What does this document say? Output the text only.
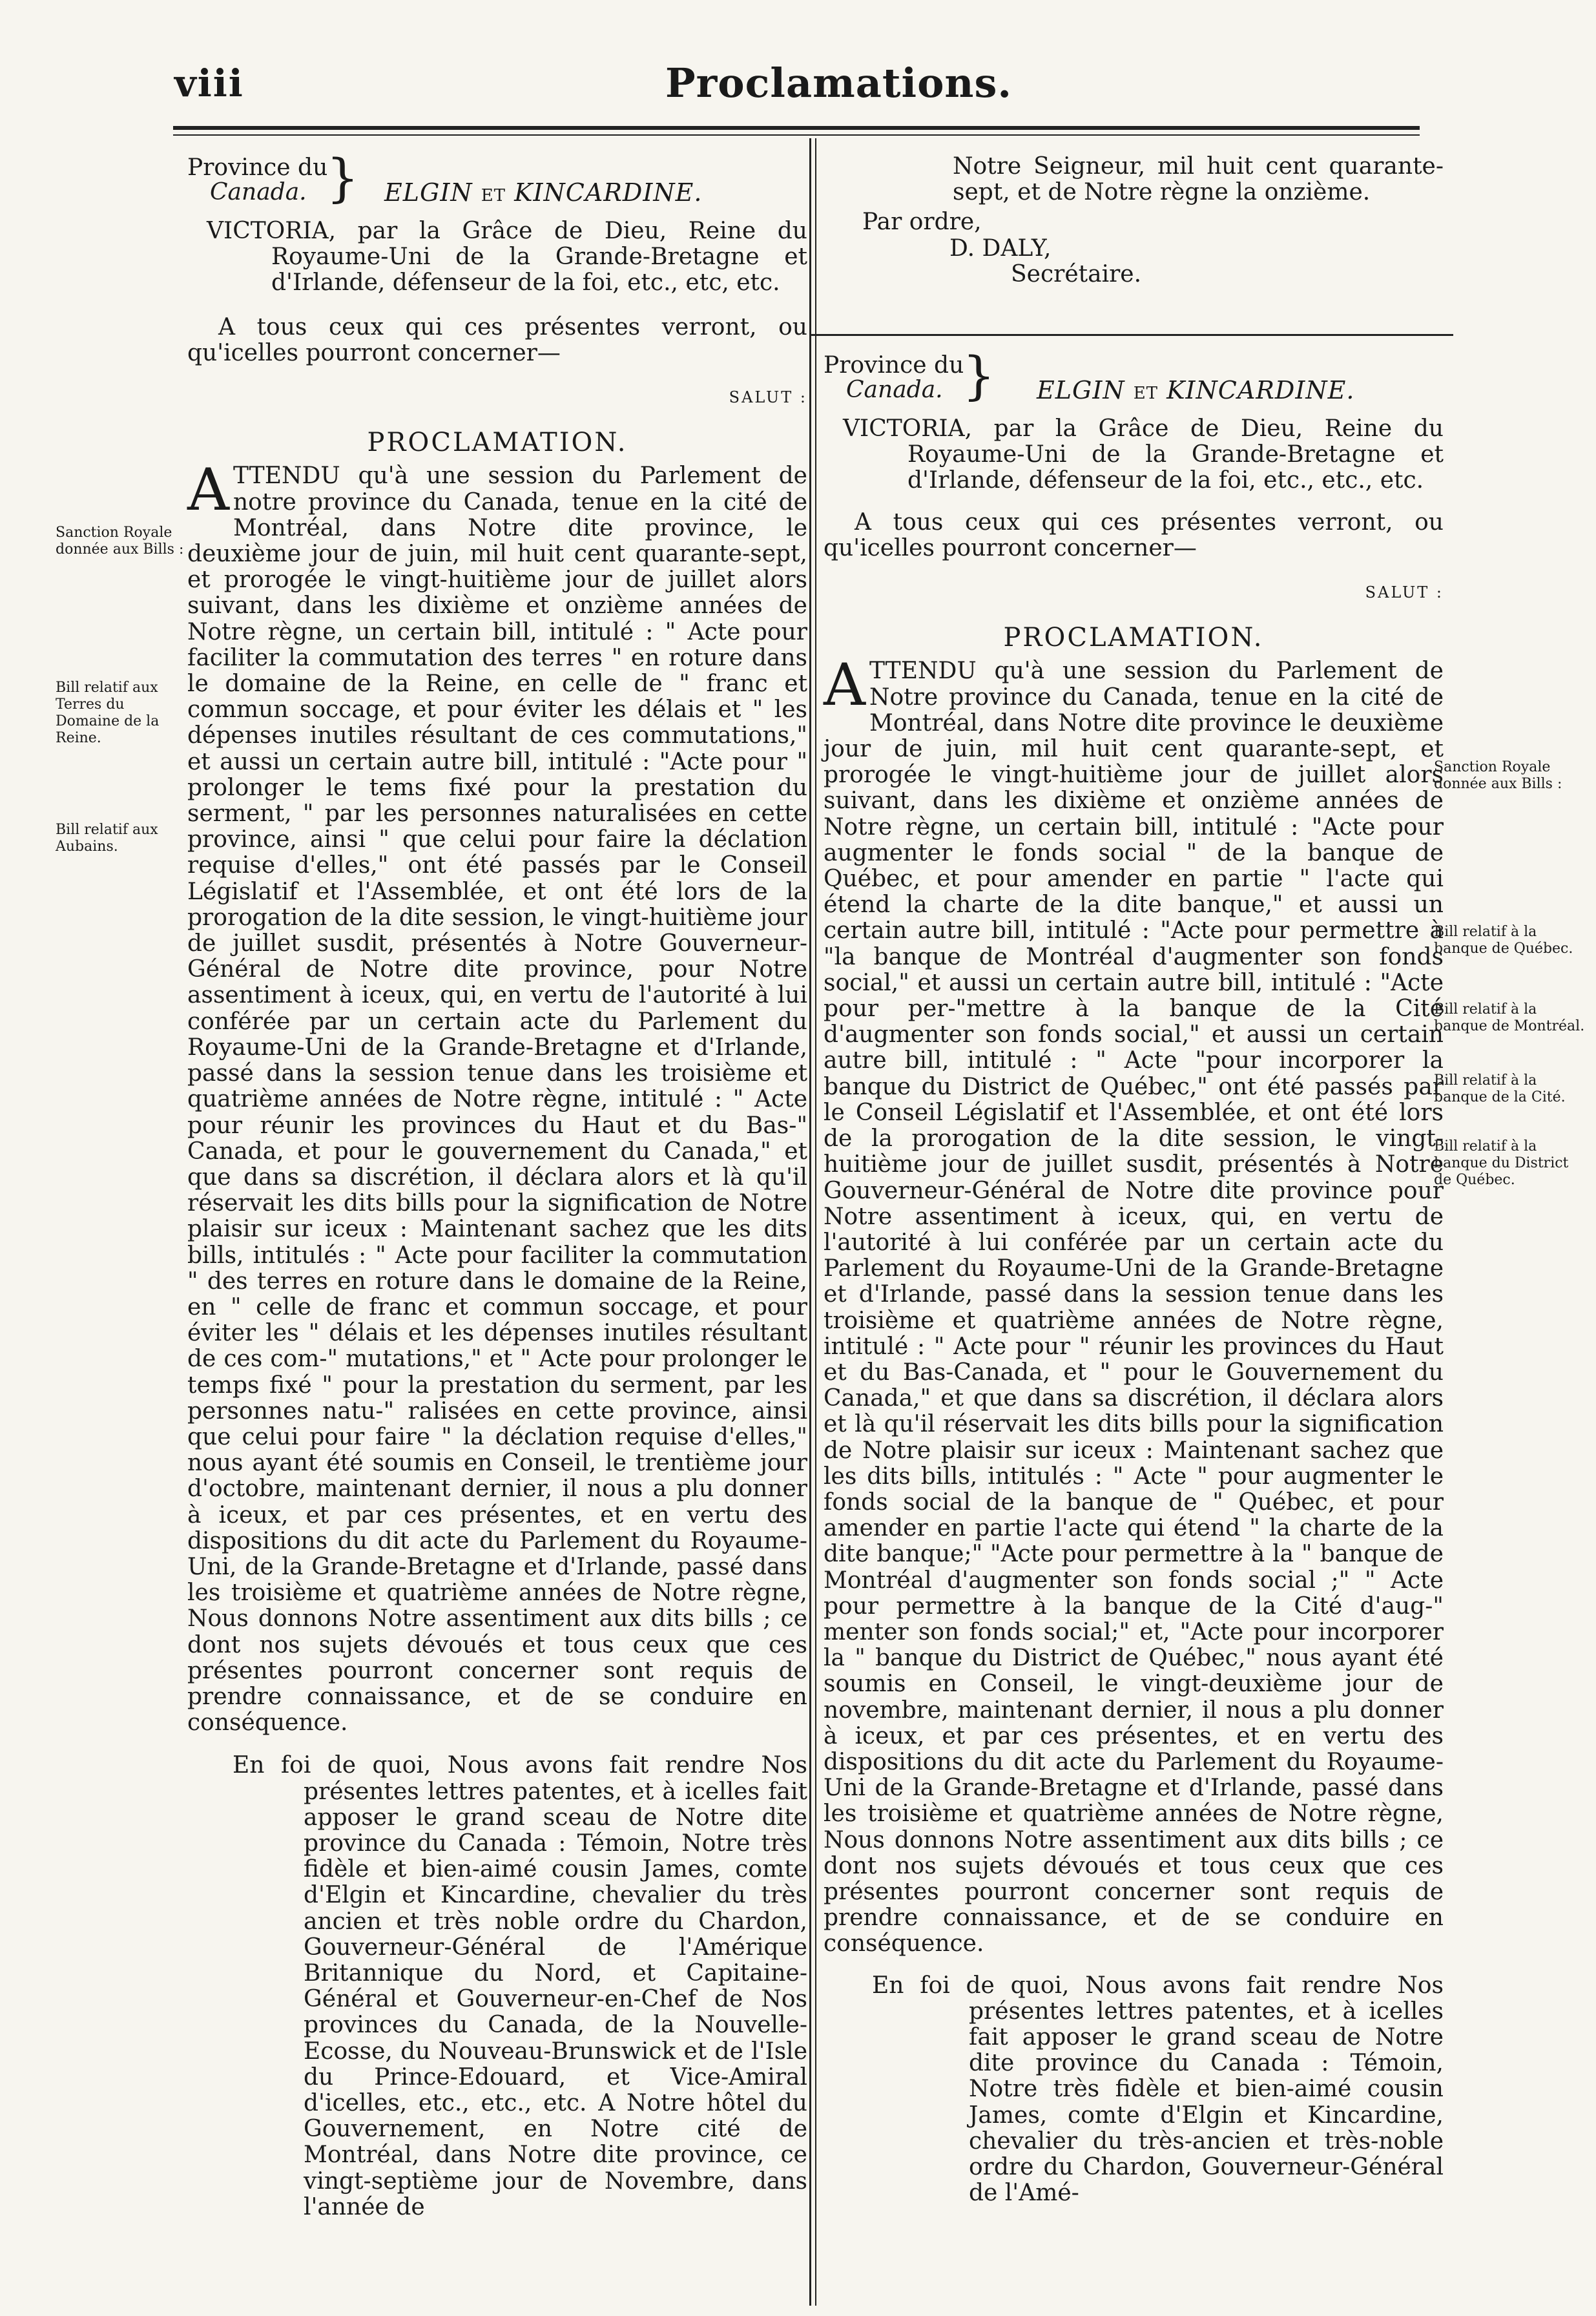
viii	Proclamations.
Sanction Royale donnée aux Bills :
Bill relatif aux Terres du Domaine de la Reine.
Bill relatif aux Aubains.
Sanction Royale donnée aux Bills :
Bill relatif à la banque de Québec.
Bill relatif à la banque de Montréal.
Bill relatif à la banque de la Cité.
Bill relatif à la banque du District de Québec.
Province du
Canada. } ELGIN ET KINCARDINE.

VICTORIA, par la Grâce de Dieu, Reine du Royaume-Uni de la Grande-Bretagne et d'Irlande, défenseur de la foi, etc., etc, etc.

A tous ceux qui ces présentes verront, ou qu'icelles pourront concerner—

SALUT :
PROCLAMATION.

ATTENDU qu'à une session du Parlement de notre province du Canada, tenue en la cité de Montréal, dans Notre dite province, le deuxième jour de juin, mil huit cent quarante-sept, et prorogée le vingt-huitième jour de juillet alors suivant, dans les dixième et onzième années de Notre règne, un certain bill, intitulé : " Acte pour faciliter la commutation des terres " en roture dans le domaine de la Reine, en celle de " franc et commun soccage, et pour éviter les délais et " les dépenses inutiles résultant de ces commutations," et aussi un certain autre bill, intitulé : "Acte pour " prolonger le tems fixé pour la prestation du serment, " par les personnes naturalisées en cette province, ainsi " que celui pour faire la déclation requise d'elles," ont été passés par le Conseil Législatif et l'Assemblée, et ont été lors de la prorogation de la dite session, le vingt-huitième jour de juillet susdit, présentés à Notre Gouverneur-Général de Notre dite province, pour Notre assentiment à iceux, qui, en vertu de l'autorité à lui conférée par un certain acte du Parlement du Royaume-Uni de la Grande-Bretagne et d'Irlande, passé dans la session tenue dans les troisième et quatrième années de Notre règne, intitulé : " Acte pour réunir les provinces du Haut et du Bas-" Canada, et pour le gouvernement du Canada," et que dans sa discrétion, il déclara alors et là qu'il réservait les dits bills pour la signification de Notre plaisir sur iceux : Maintenant sachez que les dits bills, intitulés : " Acte pour faciliter la commutation " des terres en roture dans le domaine de la Reine, en " celle de franc et commun soccage, et pour éviter les " délais et les dépenses inutiles résultant de ces com-" mutations," et " Acte pour prolonger le temps fixé " pour la prestation du serment, par les personnes natu-" ralisées en cette province, ainsi que celui pour faire " la déclation requise d'elles," nous ayant été soumis en Conseil, le trentième jour d'octobre, maintenant dernier, il nous a plu donner à iceux, et par ces présentes, et en vertu des dispositions du dit acte du Parlement du Royaume-Uni, de la Grande-Bretagne et d'Irlande, passé dans les troisième et quatrième années de Notre règne, Nous donnons Notre assentiment aux dits bills ; ce dont nos sujets dévoués et tous ceux que ces présentes pourront concerner sont requis de prendre connaissance, et de se conduire en conséquence.

En foi de quoi, Nous avons fait rendre Nos présentes lettres patentes, et à icelles fait apposer le grand sceau de Notre dite province du Canada : Témoin, Notre très fidèle et bien-aimé cousin James, comte d'Elgin et Kincardine, chevalier du très ancien et très noble ordre du Chardon, Gouverneur-Général de l'Amérique Britannique du Nord, et Capitaine-Général et Gouverneur-en-Chef de Nos provinces du Canada, de la Nouvelle-Ecosse, du Nouveau-Brunswick et de l'Isle du Prince-Edouard, et Vice-Amiral d'icelles, etc., etc., etc. A Notre hôtel du Gouvernement, en Notre cité de Montréal, dans Notre dite province, ce vingt-septième jour de Novembre, dans l'année de

Notre Seigneur, mil huit cent quarante-sept, et de Notre règne la onzième.

Par ordre,

D. DALY,

Secrétaire.

Province du
Canada. } ELGIN ET KINCARDINE.

VICTORIA, par la Grâce de Dieu, Reine du Royaume-Uni de la Grande-Bretagne et d'Irlande, défenseur de la foi, etc., etc., etc.

A tous ceux qui ces présentes verront, ou qu'icelles pourront concerner—

SALUT :
PROCLAMATION.

ATTENDU qu'à une session du Parlement de Notre province du Canada, tenue en la cité de Montréal, dans Notre dite province le deuxième jour de juin, mil huit cent quarante-sept, et prorogée le vingt-huitième jour de juillet alors suivant, dans les dixième et onzième années de Notre règne, un certain bill, intitulé : "Acte pour augmenter le fonds social " de la banque de Québec, et pour amender en partie " l'acte qui étend la charte de la dite banque," et aussi un certain autre bill, intitulé : "Acte pour permettre à "la banque de Montréal d'augmenter son fonds social," et aussi un certain autre bill, intitulé : "Acte pour per-"mettre à la banque de la Cité d'augmenter son fonds social," et aussi un certain autre bill, intitulé : " Acte "pour incorporer la banque du District de Québec," ont été passés par le Conseil Législatif et l'Assemblée, et ont été lors de la prorogation de la dite session, le vingt-huitième jour de juillet susdit, présentés à Notre Gouverneur-Général de Notre dite province pour Notre assentiment à iceux, qui, en vertu de l'autorité à lui conférée par un certain acte du Parlement du Royaume-Uni de la Grande-Bretagne et d'Irlande, passé dans la session tenue dans les troisième et quatrième années de Notre règne, intitulé : " Acte pour " réunir les provinces du Haut et du Bas-Canada, et " pour le Gouvernement du Canada," et que dans sa discrétion, il déclara alors et là qu'il réservait les dits bills pour la signification de Notre plaisir sur iceux : Maintenant sachez que les dits bills, intitulés : " Acte " pour augmenter le fonds social de la banque de " Québec, et pour amender en partie l'acte qui étend " la charte de la dite banque;" "Acte pour permettre à la " banque de Montréal d'augmenter son fonds social ;" " Acte pour permettre à la banque de la Cité d'aug-" menter son fonds social;" et, "Acte pour incorporer la " banque du District de Québec," nous ayant été soumis en Conseil, le vingt-deuxième jour de novembre, maintenant dernier, il nous a plu donner à iceux, et par ces présentes, et en vertu des dispositions du dit acte du Parlement du Royaume-Uni de la Grande-Bretagne et d'Irlande, passé dans les troisième et quatrième années de Notre règne, Nous donnons Notre assentiment aux dits bills ; ce dont nos sujets dévoués et tous ceux que ces présentes pourront concerner sont requis de prendre connaissance, et de se conduire en conséquence.

En foi de quoi, Nous avons fait rendre Nos présentes lettres patentes, et à icelles fait apposer le grand sceau de Notre dite province du Canada : Témoin, Notre très fidèle et bien-aimé cousin James, comte d'Elgin et Kincardine, chevalier du très-ancien et très-noble ordre du Chardon, Gouverneur-Général de l'Amé-
